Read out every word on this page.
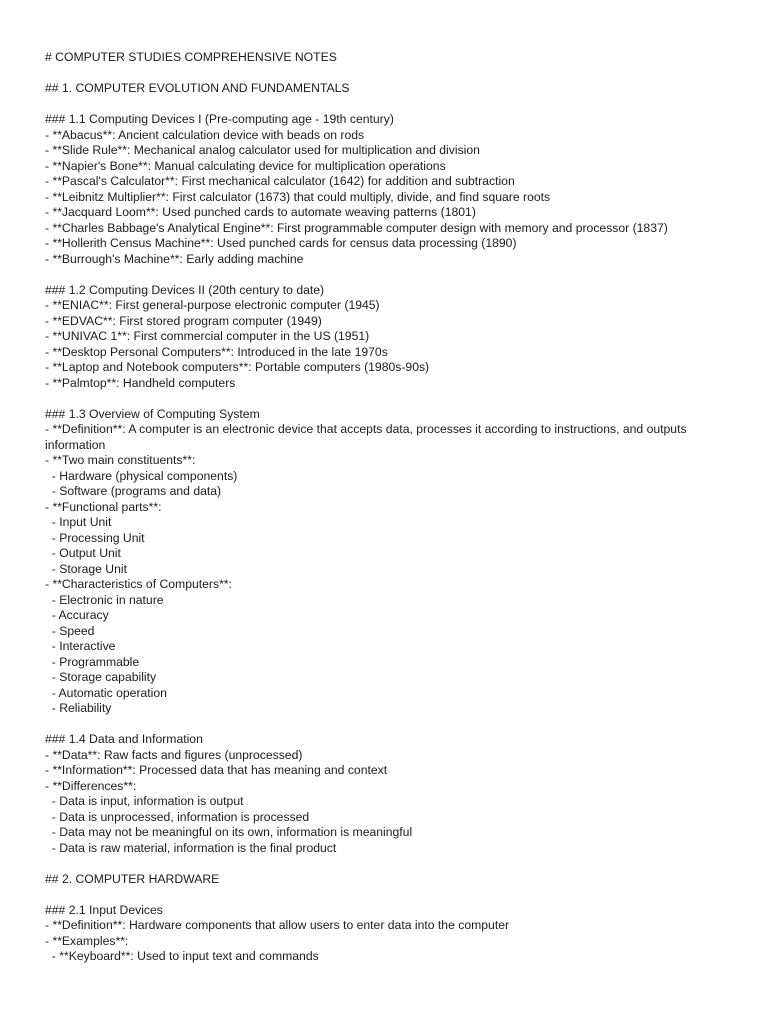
# COMPUTER STUDIES COMPREHENSIVE NOTES
## 1. COMPUTER EVOLUTION AND FUNDAMENTALS
### 1.1 Computing Devices I (Pre-computing age - 19th century)
- **Abacus**: Ancient calculation device with beads on rods
- **Slide Rule**: Mechanical analog calculator used for multiplication and division
- **Napier's Bone**: Manual calculating device for multiplication operations
- **Pascal's Calculator**: First mechanical calculator (1642) for addition and subtraction
- **Leibnitz Multiplier**: First calculator (1673) that could multiply, divide, and find square roots
- **Jacquard Loom**: Used punched cards to automate weaving patterns (1801)
- **Charles Babbage's Analytical Engine**: First programmable computer design with memory and processor (1837)
- **Hollerith Census Machine**: Used punched cards for census data processing (1890)
- **Burrough's Machine**: Early adding machine
### 1.2 Computing Devices II (20th century to date)
- **ENIAC**: First general-purpose electronic computer (1945)
- **EDVAC**: First stored program computer (1949)
- **UNIVAC 1**: First commercial computer in the US (1951)
- **Desktop Personal Computers**: Introduced in the late 1970s
- **Laptop and Notebook computers**: Portable computers (1980s-90s)
- **Palmtop**: Handheld computers
### 1.3 Overview of Computing System
- **Definition**: A computer is an electronic device that accepts data, processes it according to instructions, and outputs
information
- **Two main constituents**:
- Hardware (physical components)
- Software (programs and data)
- **Functional parts**:
- Input Unit
- Processing Unit
- Output Unit
- Storage Unit
- **Characteristics of Computers**:
- Electronic in nature
- Accuracy
- Speed
- Interactive
- Programmable
- Storage capability
- Automatic operation
- Reliability
### 1.4 Data and Information
- **Data**: Raw facts and figures (unprocessed)
- **Information**: Processed data that has meaning and context
- **Differences**:
- Data is input, information is output
- Data is unprocessed, information is processed
- Data may not be meaningful on its own, information is meaningful
- Data is raw material, information is the final product
## 2. COMPUTER HARDWARE
### 2.1 Input Devices
- **Definition**: Hardware components that allow users to enter data into the computer
- **Examples**:
- **Keyboard**: Used to input text and commands
